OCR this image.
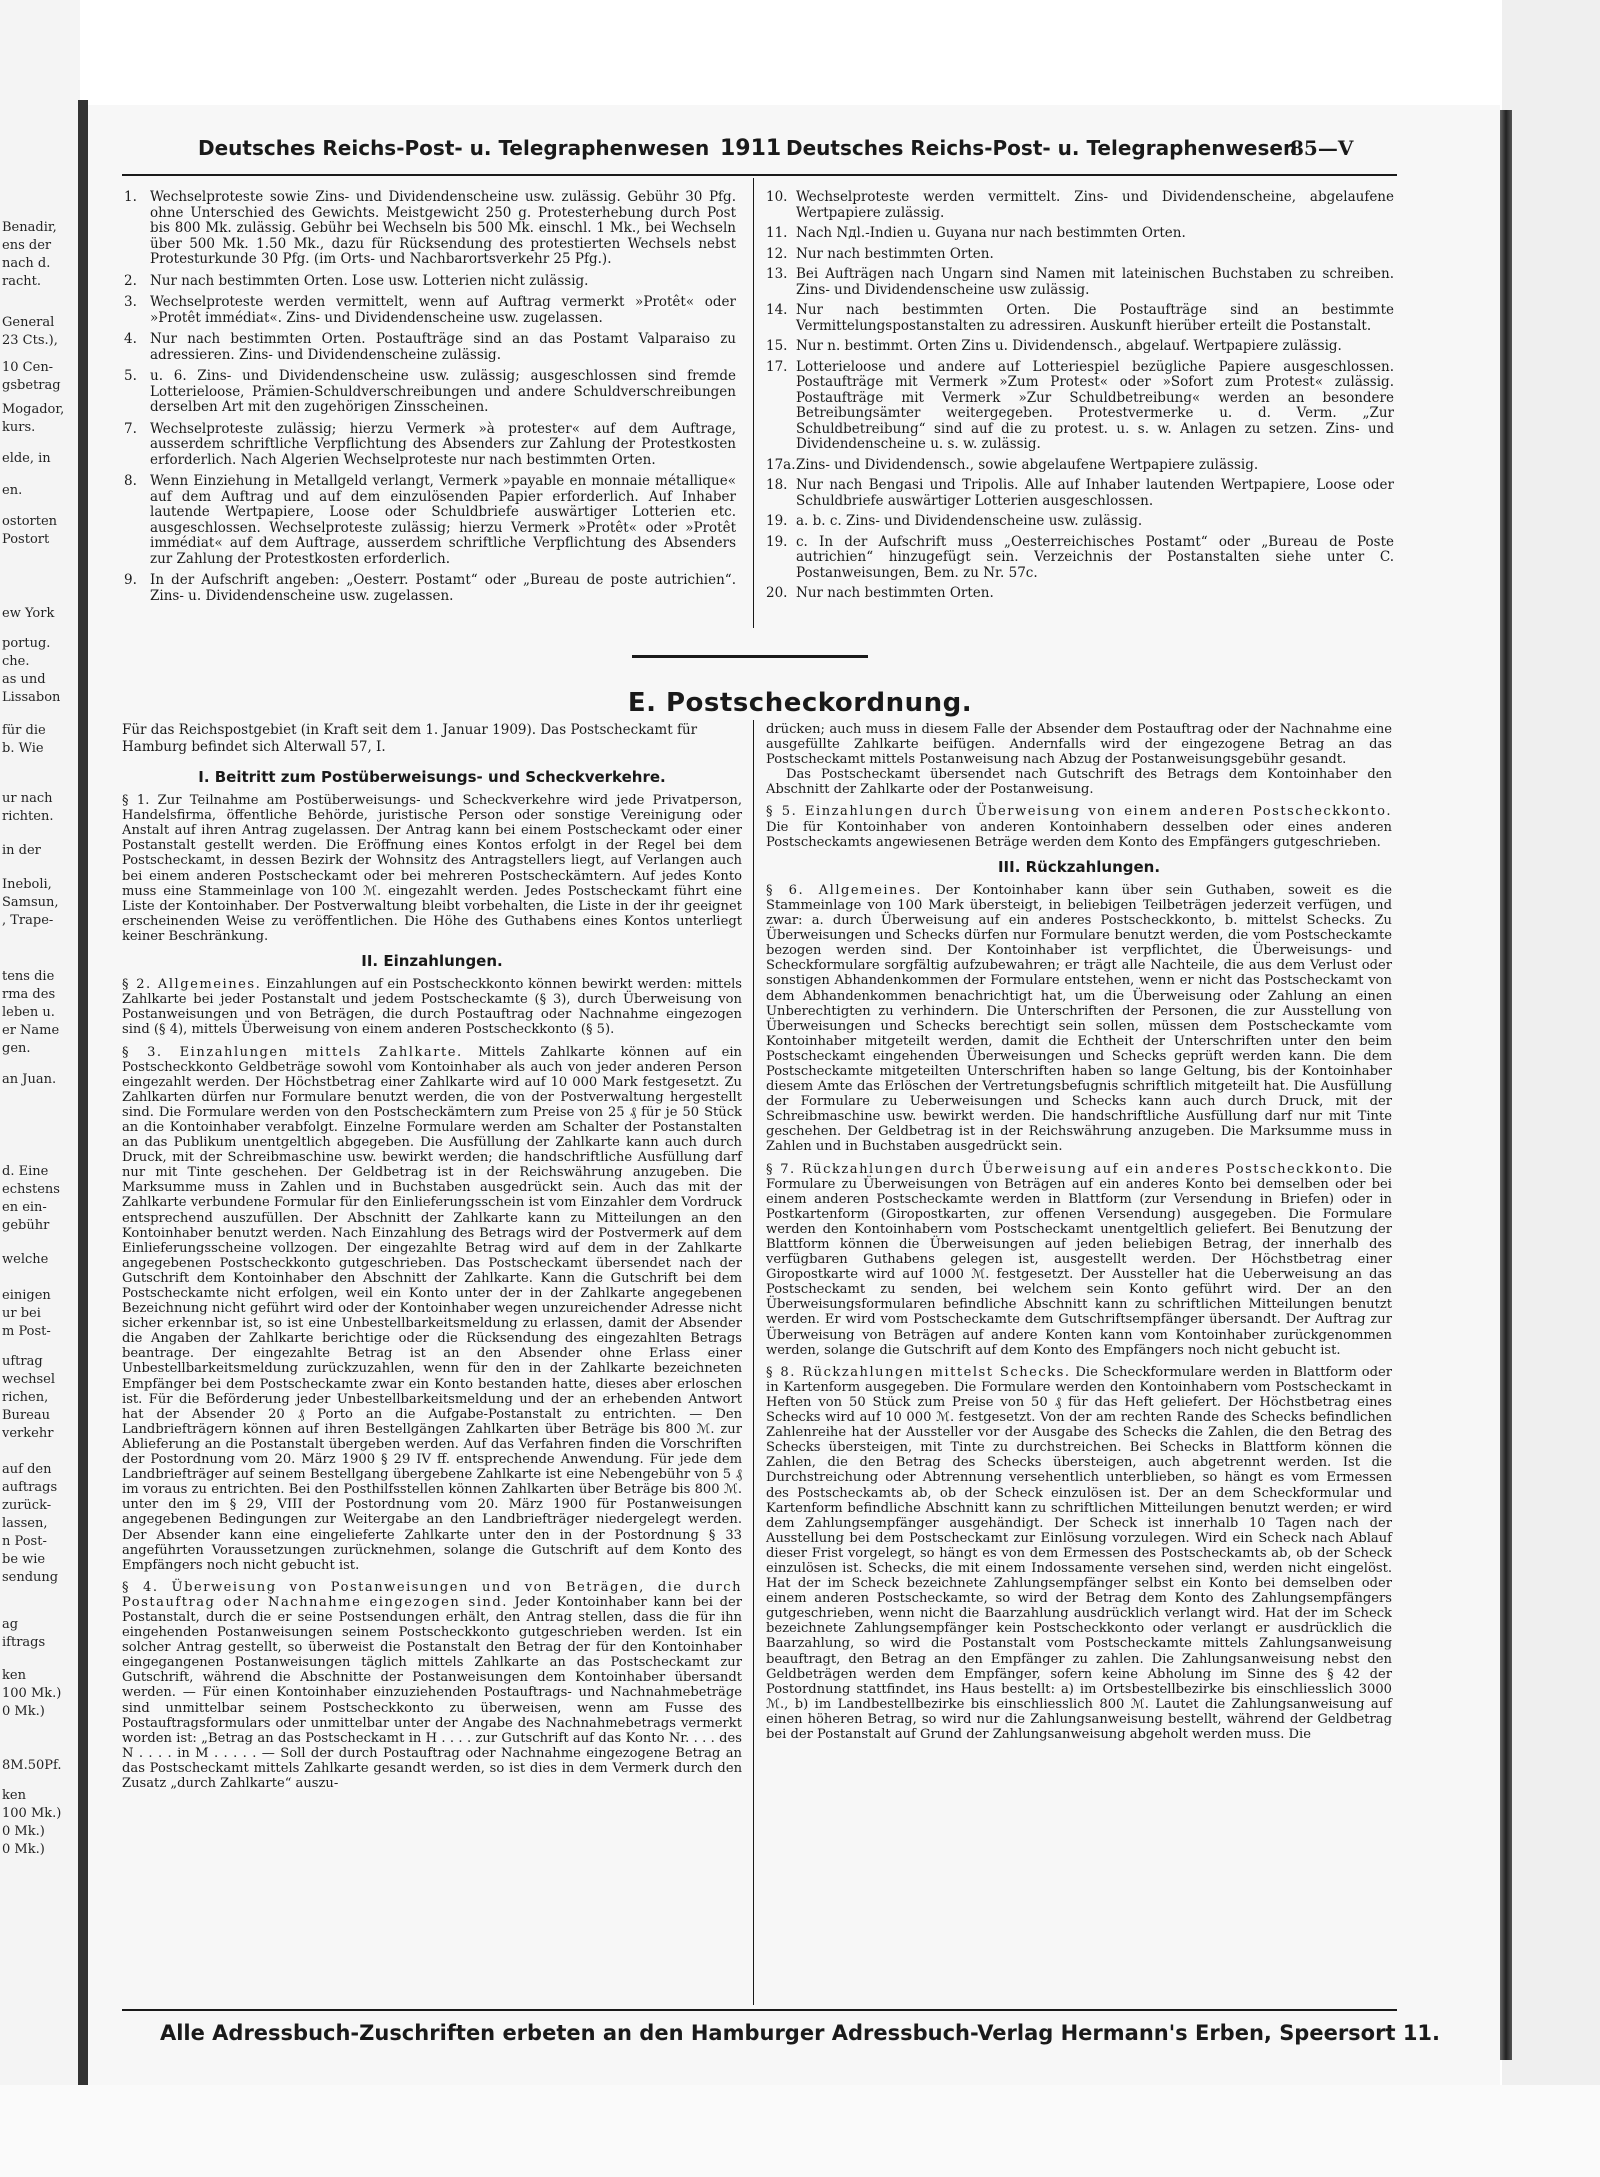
Benadir,
ens der
nach d.
racht.
General
23 Cts.),
10 Cen-
gsbetrag
Mogador,
kurs.
elde, in
en.
ostorten
Postort
ew York
portug.
che.
as und
Lissabon
für die
b. Wie
ur nach
richten.
in der
Ineboli,
Samsun,
, Trape-
tens die
rma des
leben u.
er Name
gen.
an Juan.
d. Eine
echstens
en ein-
gebühr
welche
einigen
ur bei
m Post-
uftrag
wechsel
richen,
Bureau
verkehr
auf den
auftrags
zurück-
lassen,
n Post-
be wie
sendung
ag
iftrags
ken
100 Mk.)
0 Mk.)
8M.50Pf.
ken
100 Mk.)
0 Mk.)
0 Mk.)
Deutsches Reichs-Post- u. Telegraphenwesen 1911 Deutsches Reichs-Post- u. Telegraphenwesen
85—V
1. Wechselproteste sowie Zins- und Dividendenscheine usw. zulässig. Gebühr 30 Pfg. ohne Unterschied des Gewichts. Meistgewicht 250 g. Protesterhebung durch Post bis 800 Mk. zulässig. Gebühr bei Wechseln bis 500 Mk. einschl. 1 Mk., bei Wechseln über 500 Mk. 1.50 Mk., dazu für Rücksendung des protestierten Wechsels nebst Protesturkunde 30 Pfg. (im Orts- und Nachbarortsverkehr 25 Pfg.).
2. Nur nach bestimmten Orten. Lose usw. Lotterien nicht zulässig.
3. Wechselproteste werden vermittelt, wenn auf Auftrag vermerkt »Protêt« oder »Protêt immédiat«. Zins- und Dividendenscheine usw. zugelassen.
4. Nur nach bestimmten Orten. Postaufträge sind an das Postamt Valparaiso zu adressieren. Zins- und Dividendenscheine zulässig.
5. u. 6. Zins- und Dividendenscheine usw. zulässig; ausgeschlossen sind fremde Lotterieloose, Prämien-Schuldverschreibungen und andere Schuldverschreibungen derselben Art mit den zugehörigen Zinsscheinen.
7. Wechselproteste zulässig; hierzu Vermerk »à protester« auf dem Auftrage, ausserdem schriftliche Verpflichtung des Absenders zur Zahlung der Protestkosten erforderlich. Nach Algerien Wechselproteste nur nach bestimmten Orten.
8. Wenn Einziehung in Metallgeld verlangt, Vermerk »payable en monnaie métallique« auf dem Auftrag und auf dem einzulösenden Papier erforderlich. Auf Inhaber lautende Wertpapiere, Loose oder Schuldbriefe auswärtiger Lotterien etc. ausgeschlossen. Wechselproteste zulässig; hierzu Vermerk »Protêt« oder »Protêt immédiat« auf dem Auftrage, ausserdem schriftliche Verpflichtung des Absenders zur Zahlung der Protestkosten erforderlich.
9. In der Aufschrift angeben: „Oesterr. Postamt“ oder „Bureau de poste autrichien“. Zins- u. Dividendenscheine usw. zugelassen.
10. Wechselproteste werden vermittelt. Zins- und Dividendenscheine, abgelaufene Wertpapiere zulässig.
11. Nach Nдl.-Indien u. Guyana nur nach bestimmten Orten.
12. Nur nach bestimmten Orten.
13. Bei Aufträgen nach Ungarn sind Namen mit lateinischen Buchstaben zu schreiben. Zins- und Dividendenscheine usw zulässig.
14. Nur nach bestimmten Orten. Die Postaufträge sind an bestimmte Vermittelungspostanstalten zu adressiren. Auskunft hierüber erteilt die Postanstalt.
15. Nur n. bestimmt. Orten Zins u. Dividendensch., abgelauf. Wertpapiere zulässig.
17. Lotterieloose und andere auf Lotteriespiel bezügliche Papiere ausgeschlossen. Postaufträge mit Vermerk »Zum Protest« oder »Sofort zum Protest« zulässig. Postaufträge mit Vermerk »Zur Schuldbetreibung« werden an besondere Betreibungsämter weitergegeben. Protestvermerke u. d. Verm. „Zur Schuldbetreibung“ sind auf die zu protest. u. s. w. Anlagen zu setzen. Zins- und Dividendenscheine u. s. w. zulässig.
17a.Zins- und Dividendensch., sowie abgelaufene Wertpapiere zulässig.
18. Nur nach Bengasi und Tripolis. Alle auf Inhaber lautenden Wertpapiere, Loose oder Schuldbriefe auswärtiger Lotterien ausgeschlossen.
19. a. b. c. Zins- und Dividendenscheine usw. zulässig.
19. c. In der Aufschrift muss „Oesterreichisches Postamt“ oder „Bureau de Poste autrichien“ hinzugefügt sein. Verzeichnis der Postanstalten siehe unter C. Postanweisungen, Bem. zu Nr. 57c.
20. Nur nach bestimmten Orten.
E. Postscheckordnung.
Für das Reichspostgebiet (in Kraft seit dem 1. Januar 1909). Das Postscheckamt für Hamburg befindet sich Alterwall 57, I.
I. Beitritt zum Postüberweisungs- und Scheckverkehre.

§ 1. Zur Teilnahme am Postüberweisungs- und Scheckverkehre wird jede Privatperson, Handelsfirma, öffentliche Behörde, juristische Person oder sonstige Vereinigung oder Anstalt auf ihren Antrag zugelassen. Der Antrag kann bei einem Postscheckamt oder einer Postanstalt gestellt werden. Die Eröffnung eines Kontos erfolgt in der Regel bei dem Postscheckamt, in dessen Bezirk der Wohnsitz des Antragstellers liegt, auf Verlangen auch bei einem anderen Postscheckamt oder bei mehreren Postscheckämtern. Auf jedes Konto muss eine Stammeinlage von 100 ℳ. eingezahlt werden. Jedes Postscheckamt führt eine Liste der Kontoinhaber. Der Postverwaltung bleibt vorbehalten, die Liste in der ihr geeignet erscheinenden Weise zu veröffentlichen. Die Höhe des Guthabens eines Kontos unterliegt keiner Beschränkung.

II. Einzahlungen.

§ 2. Allgemeines. Einzahlungen auf ein Postscheckkonto können bewirkt werden: mittels Zahlkarte bei jeder Postanstalt und jedem Postscheckamte (§ 3), durch Überweisung von Postanweisungen und von Beträgen, die durch Postauftrag oder Nachnahme eingezogen sind (§ 4), mittels Überweisung von einem anderen Postscheckkonto (§ 5).

§ 3. Einzahlungen mittels Zahlkarte. Mittels Zahlkarte können auf ein Postscheckkonto Geldbeträge sowohl vom Kontoinhaber als auch von jeder anderen Person eingezahlt werden. Der Höchstbetrag einer Zahlkarte wird auf 10 000 Mark festgesetzt. Zu Zahlkarten dürfen nur Formulare benutzt werden, die von der Postverwaltung hergestellt sind. Die Formulare werden von den Postscheckämtern zum Preise von 25 ₰ für je 50 Stück an die Kontoinhaber verabfolgt. Einzelne Formulare werden am Schalter der Postanstalten an das Publikum unentgeltlich abgegeben. Die Ausfüllung der Zahlkarte kann auch durch Druck, mit der Schreibmaschine usw. bewirkt werden; die handschriftliche Ausfüllung darf nur mit Tinte geschehen. Der Geldbetrag ist in der Reichswährung anzugeben. Die Marksumme muss in Zahlen und in Buchstaben ausgedrückt sein. Auch das mit der Zahlkarte verbundene Formular für den Einlieferungsschein ist vom Einzahler dem Vordruck entsprechend auszufüllen. Der Abschnitt der Zahlkarte kann zu Mitteilungen an den Kontoinhaber benutzt werden. Nach Einzahlung des Betrags wird der Postvermerk auf dem Einlieferungsscheine vollzogen. Der eingezahlte Betrag wird auf dem in der Zahlkarte angegebenen Postscheckkonto gutgeschrieben. Das Postscheckamt übersendet nach der Gutschrift dem Kontoinhaber den Abschnitt der Zahlkarte. Kann die Gutschrift bei dem Postscheckamte nicht erfolgen, weil ein Konto unter der in der Zahlkarte angegebenen Bezeichnung nicht geführt wird oder der Kontoinhaber wegen unzureichender Adresse nicht sicher erkennbar ist, so ist eine Unbestellbarkeitsmeldung zu erlassen, damit der Absender die Angaben der Zahlkarte berichtige oder die Rücksendung des eingezahlten Betrags beantrage. Der eingezahlte Betrag ist an den Absender ohne Erlass einer Unbestellbarkeitsmeldung zurückzuzahlen, wenn für den in der Zahlkarte bezeichneten Empfänger bei dem Postscheckamte zwar ein Konto bestanden hatte, dieses aber erloschen ist. Für die Beförderung jeder Unbestellbarkeitsmeldung und der an erhebenden Antwort hat der Absender 20 ₰ Porto an die Aufgabe-Postanstalt zu entrichten. — Den Landbriefträgern können auf ihren Bestellgängen Zahlkarten über Beträge bis 800 ℳ. zur Ablieferung an die Postanstalt übergeben werden. Auf das Verfahren finden die Vorschriften der Postordnung vom 20. März 1900 § 29 IV ff. entsprechende Anwendung. Für jede dem Landbriefträger auf seinem Bestellgang übergebene Zahlkarte ist eine Nebengebühr von 5 ₰ im voraus zu entrichten. Bei den Posthilfsstellen können Zahlkarten über Beträge bis 800 ℳ. unter den im § 29, VIII der Postordnung vom 20. März 1900 für Postanweisungen angegebenen Bedingungen zur Weitergabe an den Landbriefträger niedergelegt werden. Der Absender kann eine eingelieferte Zahlkarte unter den in der Postordnung § 33 angeführten Voraussetzungen zurücknehmen, solange die Gutschrift auf dem Konto des Empfängers noch nicht gebucht ist.

§ 4. Überweisung von Postanweisungen und von Beträgen, die durch Postauftrag oder Nachnahme eingezogen sind. Jeder Kontoinhaber kann bei der Postanstalt, durch die er seine Postsendungen erhält, den Antrag stellen, dass die für ihn eingehenden Postanweisungen seinem Postscheckkonto gutgeschrieben werden. Ist ein solcher Antrag gestellt, so überweist die Postanstalt den Betrag der für den Kontoinhaber eingegangenen Postanweisungen täglich mittels Zahlkarte an das Postscheckamt zur Gutschrift, während die Abschnitte der Postanweisungen dem Kontoinhaber übersandt werden. — Für einen Kontoinhaber einzuziehenden Postauftrags- und Nachnahmebeträge sind unmittelbar seinem Postscheckkonto zu überweisen, wenn am Fusse des Postauftragsformulars oder unmittelbar unter der Angabe des Nachnahmebetrags vermerkt worden ist: „Betrag an das Postscheckamt in H . . . . zur Gutschrift auf das Konto Nr. . . . des N . . . . in M . . . . . — Soll der durch Postauftrag oder Nachnahme eingezogene Betrag an das Postscheckamt mittels Zahlkarte gesandt werden, so ist dies in dem Vermerk durch den Zusatz „durch Zahlkarte“ auszu-

drücken; auch muss in diesem Falle der Absender dem Postauftrag oder der Nachnahme eine ausgefüllte Zahlkarte beifügen. Andernfalls wird der eingezogene Betrag an das Postscheckamt mittels Postanweisung nach Abzug der Postanweisungsgebühr gesandt.

Das Postscheckamt übersendet nach Gutschrift des Betrags dem Kontoinhaber den Abschnitt der Zahlkarte oder der Postanweisung.

§ 5. Einzahlungen durch Überweisung von einem anderen Postscheckkonto. Die für Kontoinhaber von anderen Kontoinhabern desselben oder eines anderen Postscheckamts angewiesenen Beträge werden dem Konto des Empfängers gutgeschrieben.

III. Rückzahlungen.

§ 6. Allgemeines. Der Kontoinhaber kann über sein Guthaben, soweit es die Stammeinlage von 100 Mark übersteigt, in beliebigen Teilbeträgen jederzeit verfügen, und zwar: a. durch Überweisung auf ein anderes Postscheckkonto, b. mittelst Schecks. Zu Überweisungen und Schecks dürfen nur Formulare benutzt werden, die vom Postscheckamte bezogen werden sind. Der Kontoinhaber ist verpflichtet, die Überweisungs- und Scheckformulare sorgfältig aufzubewahren; er trägt alle Nachteile, die aus dem Verlust oder sonstigen Abhandenkommen der Formulare entstehen, wenn er nicht das Postscheckamt von dem Abhandenkommen benachrichtigt hat, um die Überweisung oder Zahlung an einen Unberechtigten zu verhindern. Die Unterschriften der Personen, die zur Ausstellung von Überweisungen und Schecks berechtigt sein sollen, müssen dem Postscheckamte vom Kontoinhaber mitgeteilt werden, damit die Echtheit der Unterschriften unter den beim Postscheckamt eingehenden Überweisungen und Schecks geprüft werden kann. Die dem Postscheckamte mitgeteilten Unterschriften haben so lange Geltung, bis der Kontoinhaber diesem Amte das Erlöschen der Vertretungsbefugnis schriftlich mitgeteilt hat. Die Ausfüllung der Formulare zu Ueberweisungen und Schecks kann auch durch Druck, mit der Schreibmaschine usw. bewirkt werden. Die handschriftliche Ausfüllung darf nur mit Tinte geschehen. Der Geldbetrag ist in der Reichswährung anzugeben. Die Marksumme muss in Zahlen und in Buchstaben ausgedrückt sein.

§ 7. Rückzahlungen durch Überweisung auf ein anderes Postscheckkonto. Die Formulare zu Überweisungen von Beträgen auf ein anderes Konto bei demselben oder bei einem anderen Postscheckamte werden in Blattform (zur Versendung in Briefen) oder in Postkartenform (Giropostkarten, zur offenen Versendung) ausgegeben. Die Formulare werden den Kontoinhabern vom Postscheckamt unentgeltlich geliefert. Bei Benutzung der Blattform können die Überweisungen auf jeden beliebigen Betrag, der innerhalb des verfügbaren Guthabens gelegen ist, ausgestellt werden. Der Höchstbetrag einer Giropostkarte wird auf 1000 ℳ. festgesetzt. Der Aussteller hat die Ueberweisung an das Postscheckamt zu senden, bei welchem sein Konto geführt wird. Der an den Überweisungsformularen befindliche Abschnitt kann zu schriftlichen Mitteilungen benutzt werden. Er wird vom Postscheckamte dem Gutschriftsempfänger übersandt. Der Auftrag zur Überweisung von Beträgen auf andere Konten kann vom Kontoinhaber zurückgenommen werden, solange die Gutschrift auf dem Konto des Empfängers noch nicht gebucht ist.

§ 8. Rückzahlungen mittelst Schecks. Die Scheckformulare werden in Blattform oder in Kartenform ausgegeben. Die Formulare werden den Kontoinhabern vom Postscheckamt in Heften von 50 Stück zum Preise von 50 ₰ für das Heft geliefert. Der Höchstbetrag eines Schecks wird auf 10 000 ℳ. festgesetzt. Von der am rechten Rande des Schecks befindlichen Zahlenreihe hat der Aussteller vor der Ausgabe des Schecks die Zahlen, die den Betrag des Schecks übersteigen, mit Tinte zu durchstreichen. Bei Schecks in Blattform können die Zahlen, die den Betrag des Schecks übersteigen, auch abgetrennt werden. Ist die Durchstreichung oder Abtrennung versehentlich unterblieben, so hängt es vom Ermessen des Postscheckamts ab, ob der Scheck einzulösen ist. Der an dem Scheckformular und Kartenform befindliche Abschnitt kann zu schriftlichen Mitteilungen benutzt werden; er wird dem Zahlungsempfänger ausgehändigt. Der Scheck ist innerhalb 10 Tagen nach der Ausstellung bei dem Postscheckamt zur Einlösung vorzulegen. Wird ein Scheck nach Ablauf dieser Frist vorgelegt, so hängt es von dem Ermessen des Postscheckamts ab, ob der Scheck einzulösen ist. Schecks, die mit einem Indossamente versehen sind, werden nicht eingelöst. Hat der im Scheck bezeichnete Zahlungsempfänger selbst ein Konto bei demselben oder einem anderen Postscheckamte, so wird der Betrag dem Konto des Zahlungsempfängers gutgeschrieben, wenn nicht die Baarzahlung ausdrücklich verlangt wird. Hat der im Scheck bezeichnete Zahlungsempfänger kein Postscheckkonto oder verlangt er ausdrücklich die Baarzahlung, so wird die Postanstalt vom Postscheckamte mittels Zahlungsanweisung beauftragt, den Betrag an den Empfänger zu zahlen. Die Zahlungsanweisung nebst den Geldbeträgen werden dem Empfänger, sofern keine Abholung im Sinne des § 42 der Postordnung stattfindet, ins Haus bestellt: a) im Ortsbestellbezirke bis einschliesslich 3000 ℳ., b) im Landbestellbezirke bis einschliesslich 800 ℳ. Lautet die Zahlungsanweisung auf einen höheren Betrag, so wird nur die Zahlungsanweisung bestellt, während der Geldbetrag bei der Postanstalt auf Grund der Zahlungsanweisung abgeholt werden muss. Die

Alle Adressbuch-Zuschriften erbeten an den Hamburger Adressbuch-Verlag Hermann's Erben, Speersort 11.
